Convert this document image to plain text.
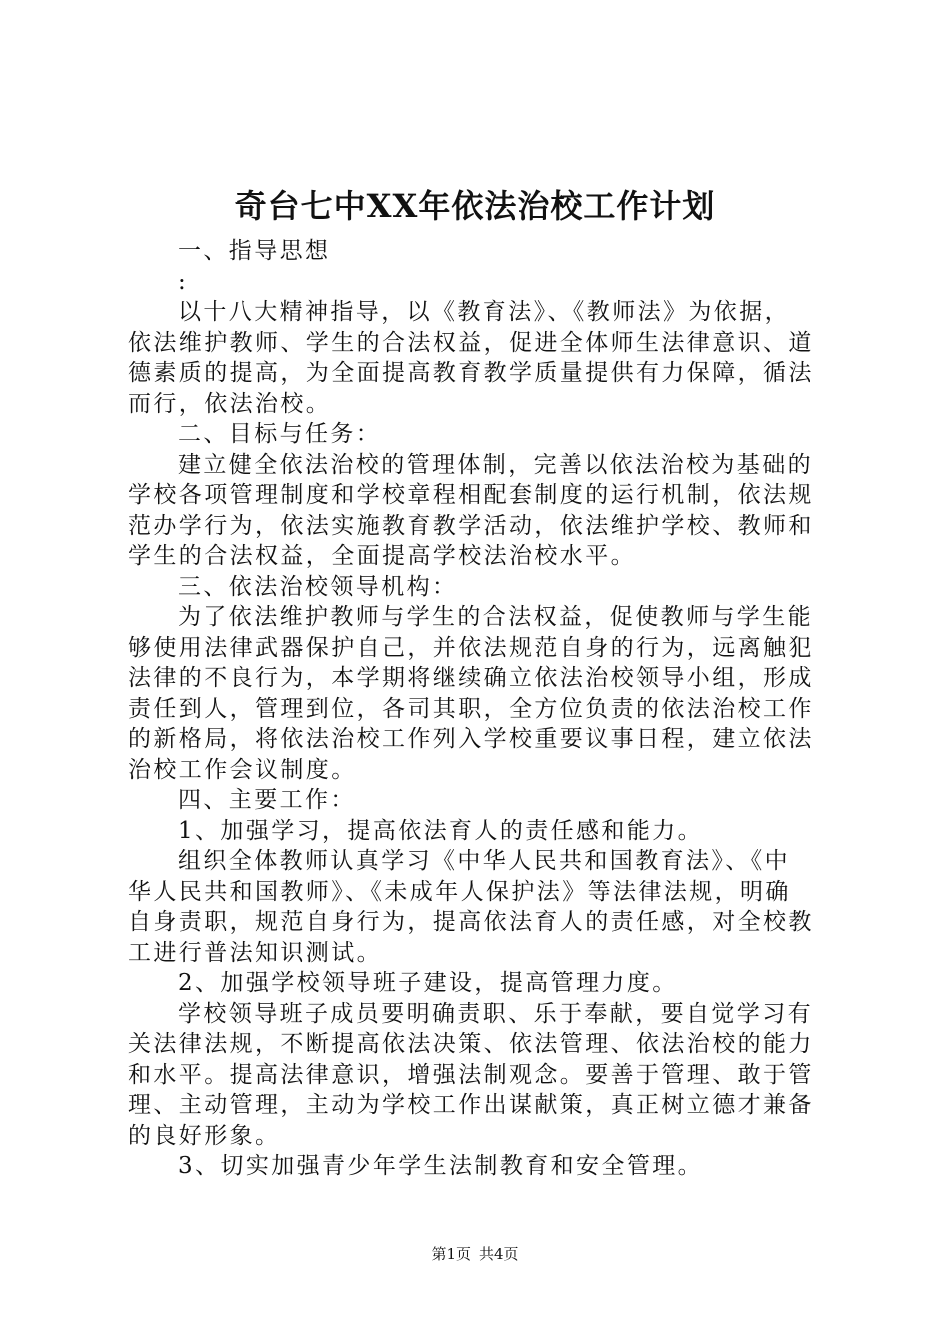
奇台七中XX年依法治校工作计划
一、指导思想
:
以十八大精神指导，以《教育法》、《教师法》为依据，
依法维护教师、学生的合法权益，促进全体师生法律意识、道
德素质的提高，为全面提高教育教学质量提供有力保障，循法
而行，依法治校。
二、目标与任务：
建立健全依法治校的管理体制，完善以依法治校为基础的
学校各项管理制度和学校章程相配套制度的运行机制，依法规
范办学行为，依法实施教育教学活动，依法维护学校、教师和
学生的合法权益，全面提高学校法治校水平。
三、依法治校领导机构：
为了依法维护教师与学生的合法权益，促使教师与学生能
够使用法律武器保护自己，并依法规范自身的行为，远离触犯
法律的不良行为，本学期将继续确立依法治校领导小组，形成
责任到人，管理到位，各司其职，全方位负责的依法治校工作
的新格局，将依法治校工作列入学校重要议事日程，建立依法
治校工作会议制度。
四、主要工作：
1、加强学习，提高依法育人的责任感和能力。
组织全体教师认真学习《中华人民共和国教育法》、《中
华人民共和国教师》、《未成年人保护法》等法律法规，明确
自身责职，规范自身行为，提高依法育人的责任感，对全校教
工进行普法知识测试。
2、加强学校领导班子建设，提高管理力度。
学校领导班子成员要明确责职、乐于奉献，要自觉学习有
关法律法规，不断提高依法决策、依法管理、依法治校的能力
和水平。提高法律意识，增强法制观念。要善于管理、敢于管
理、主动管理，主动为学校工作出谋献策，真正树立德才兼备
的良好形象。
3、切实加强青少年学生法制教育和安全管理。
第1页 共4页
